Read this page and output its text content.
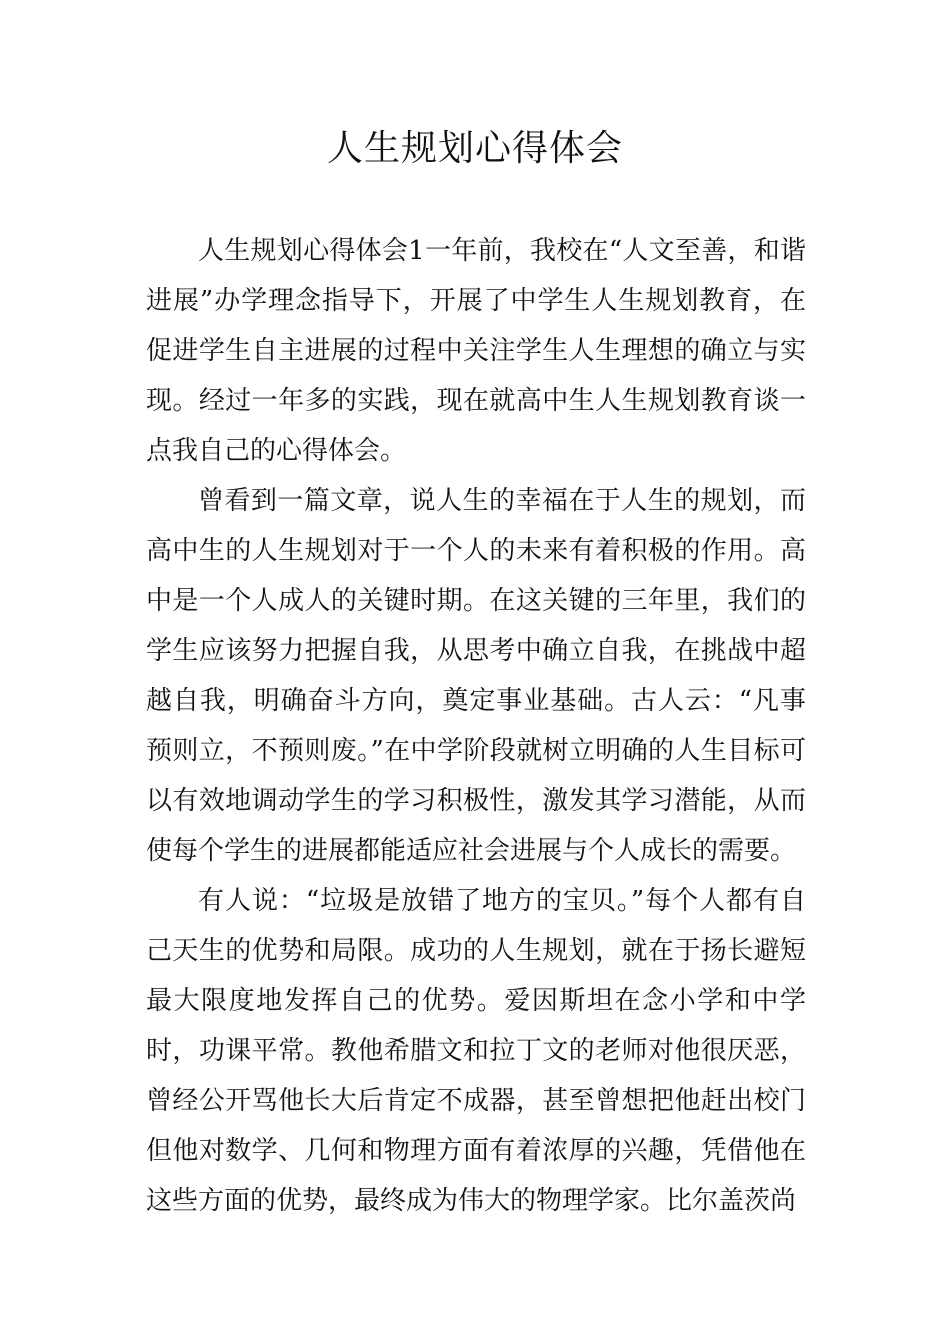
人生规划心得体会

人生规划心得体会1一年前，我校在“人文至善，和谐进展”办学理念指导下，开展了中学生人生规划教育，在促进学生自主进展的过程中关注学生人生理想的确立与实现。经过一年多的实践，现在就高中生人生规划教育谈一点我自己的心得体会。

曾看到一篇文章，说人生的幸福在于人生的规划，而高中生的人生规划对于一个人的未来有着积极的作用。高中是一个人成人的关键时期。在这关键的三年里，我们的学生应该努力把握自我，从思考中确立自我，在挑战中超越自我，明确奋斗方向，奠定事业基础。古人云：“凡事预则立，不预则废。”在中学阶段就树立明确的人生目标可以有效地调动学生的学习积极性，激发其学习潜能，从而使每个学生的进展都能适应社会进展与个人成长的需要。

有人说：“垃圾是放错了地方的宝贝。”每个人都有自己天生的优势和局限。成功的人生规划，就在于扬长避短最大限度地发挥自己的优势。爱因斯坦在念小学和中学时，功课平常。教他希腊文和拉丁文的老师对他很厌恶，曾经公开骂他长大后肯定不成器，甚至曾想把他赶出校门但他对数学、几何和物理方面有着浓厚的兴趣，凭借他在这些方面的优势，最终成为伟大的物理学家。比尔盖茨尚
